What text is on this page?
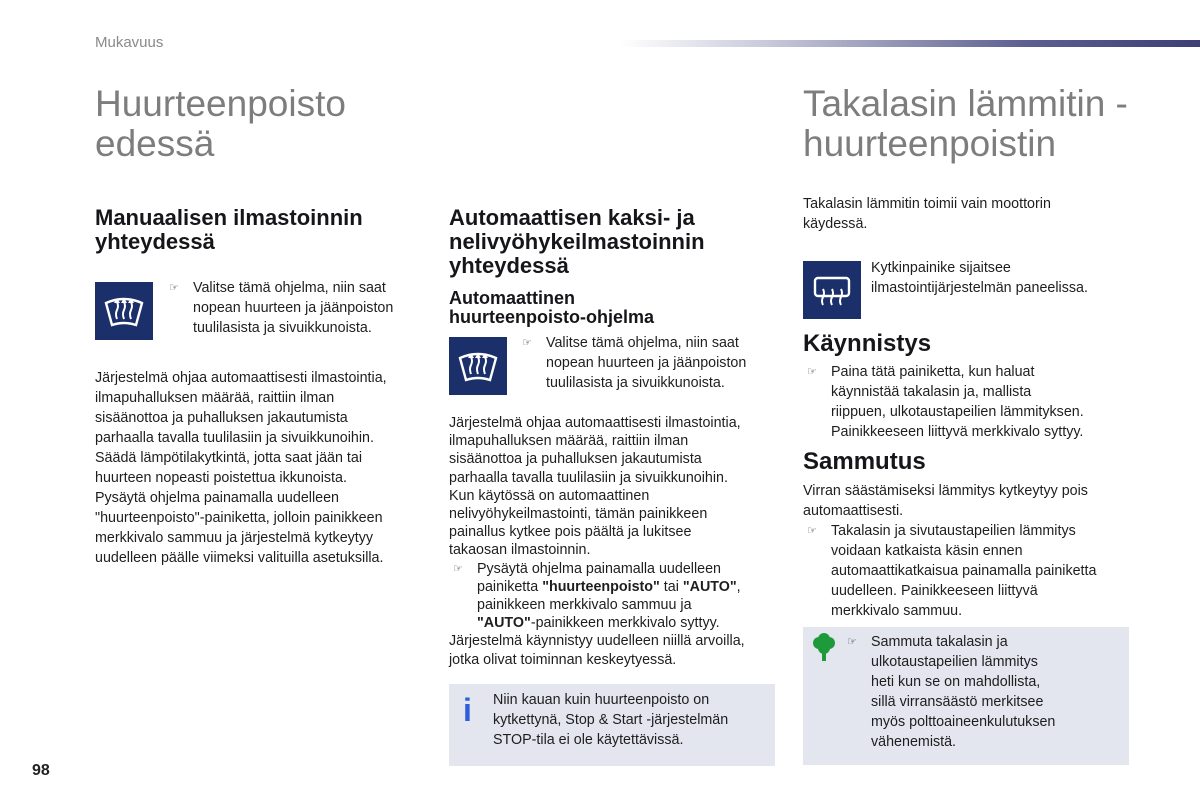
Mukavuus

Huurteenpoisto

edessä

Manuaalisen ilmastoinnin

yhteydessä

☞ Valitse tämä ohjelma, niin saat
nopean huurteen ja jäänpoiston
tuulilasista ja sivuikkunoista.
Järjestelmä ohjaa automaattisesti ilmastointia,
ilmapuhalluksen määrää, raittiin ilman
sisäänottoa ja puhalluksen jakautumista
parhaalla tavalla tuulilasiin ja sivuikkunoihin.
Säädä lämpötilakytkintä, jotta saat jään tai
huurteen nopeasti poistettua ikkunoista.
Pysäytä ohjelma painamalla uudelleen
"huurteenpoisto"-painiketta, jolloin painikkeen
merkkivalo sammuu ja järjestelmä kytkeytyy
uudelleen päälle viimeksi valituilla asetuksilla.

Automaattisen kaksi- ja

nelivyöhykeilmastoinnin

yhteydessä

Automaattinen

huurteenpoisto-ohjelma

☞ Valitse tämä ohjelma, niin saat
nopean huurteen ja jäänpoiston
tuulilasista ja sivuikkunoista.
Järjestelmä ohjaa automaattisesti ilmastointia,
ilmapuhalluksen määrää, raittiin ilman
sisäänottoa ja puhalluksen jakautumista
parhaalla tavalla tuulilasiin ja sivuikkunoihin.
Kun käytössä on automaattinen
nelivyöhykeilmastointi, tämän painikkeen
painallus kytkee pois päältä ja lukitsee
takaosan ilmastoinnin.
☞ Pysäytä ohjelma painamalla uudelleen
painiketta "huurteenpoisto" tai "AUTO",
painikkeen merkkivalo sammuu ja
"AUTO"-painikkeen merkkivalo syttyy.
Järjestelmä käynnistyy uudelleen niillä arvoilla,
jotka olivat toiminnan keskeytyessä.
i Niin kauan kuin huurteenpoisto on
kytkettynä, Stop & Start -järjestelmän
STOP-tila ei ole käytettävissä.

Takalasin lämmitin -

huurteenpoistin

Takalasin lämmitin toimii vain moottorin
käydessä.
Kytkinpainike sijaitsee
ilmastointijärjestelmän paneelissa.

Käynnistys

☞ Paina tätä painiketta, kun haluat
käynnistää takalasin ja, mallista
riippuen, ulkotaustapeilien lämmityksen.
Painikkeeseen liittyvä merkkivalo syttyy.

Sammutus

Virran säästämiseksi lämmitys kytkeytyy pois
automaattisesti.
☞ Takalasin ja sivutaustapeilien lämmitys
voidaan katkaista käsin ennen
automaattikatkaisua painamalla painiketta
uudelleen. Painikkeeseen liittyvä
merkkivalo sammuu.
☞ Sammuta takalasin ja
ulkotaustapeilien lämmitys
heti kun se on mahdollista,
sillä virransäästö merkitsee
myös polttoaineenkulutuksen
vähenemistä.
98
